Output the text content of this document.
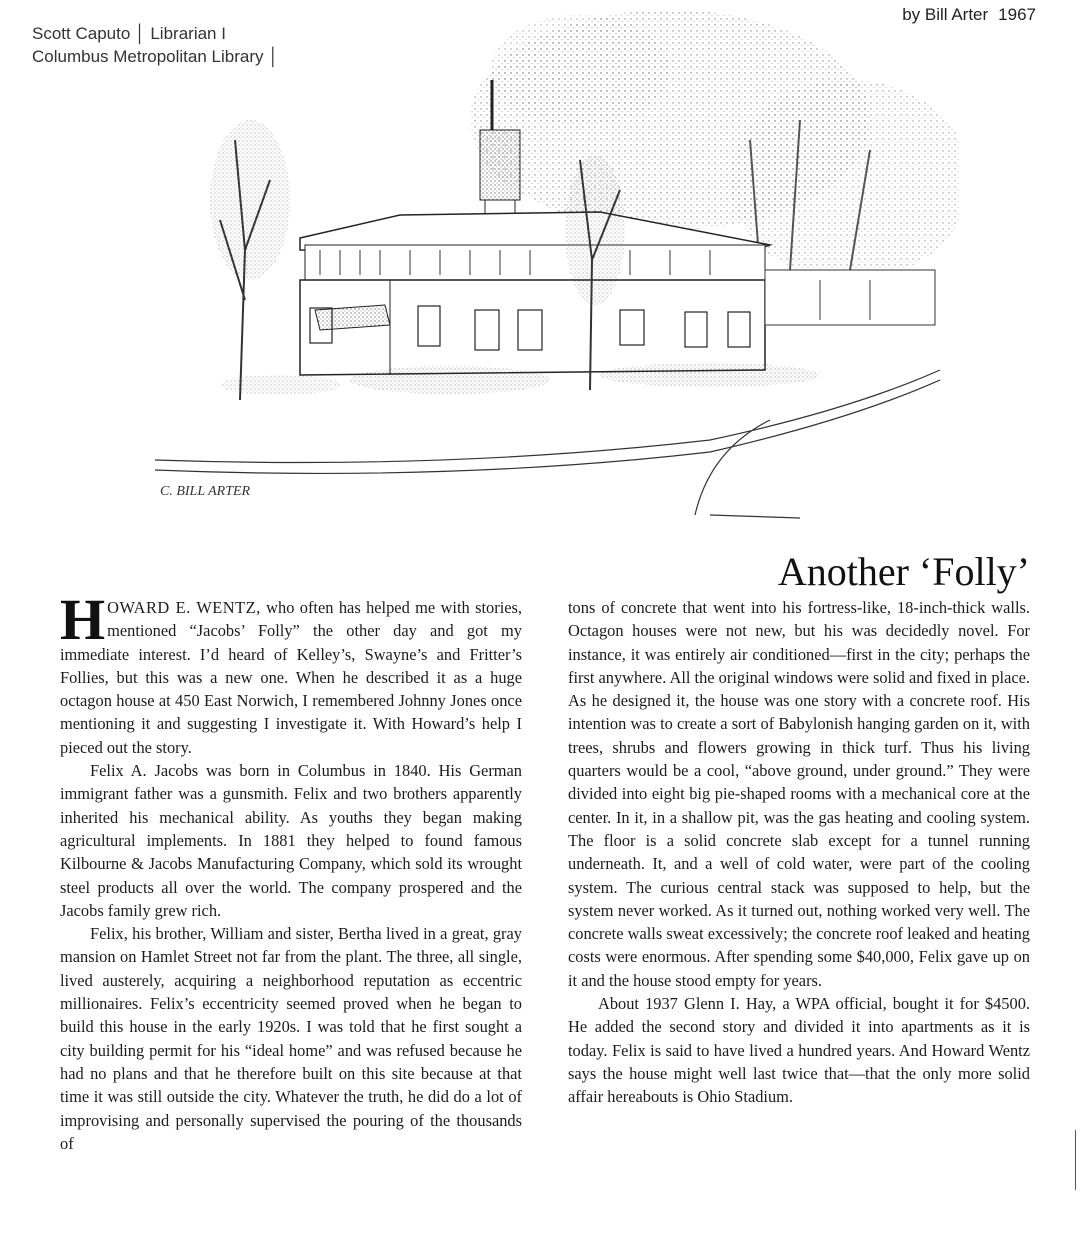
Scott Caputo │ Librarian I
Columbus Metropolitan Library │
by Bill Arter 1967
C. BILL ARTER
Another ‘Folly’

HOWARD E. WENTZ, who often has helped me with stories, mentioned “Jacobs’ Folly” the other day and got my immediate interest. I’d heard of Kelley’s, Swayne’s and Fritter’s Follies, but this was a new one. When he described it as a huge octagon house at 450 East Norwich, I remembered Johnny Jones once mentioning it and suggesting I investigate it. With Howard’s help I pieced out the story.

Felix A. Jacobs was born in Columbus in 1840. His German immigrant father was a gunsmith. Felix and two brothers apparently inherited his mechanical ability. As youths they began making agricultural implements. In 1881 they helped to found famous Kilbourne & Jacobs Manufacturing Company, which sold its wrought steel products all over the world. The company prospered and the Jacobs family grew rich.

Felix, his brother, William and sister, Bertha lived in a great, gray mansion on Hamlet Street not far from the plant. The three, all single, lived austerely, acquiring a neighborhood reputation as eccentric millionaires. Felix’s eccentricity seemed proved when he began to build this house in the early 1920s. I was told that he first sought a city building permit for his “ideal home” and was refused because he had no plans and that he therefore built on this site because at that time it was still outside the city. Whatever the truth, he did do a lot of improvising and personally supervised the pouring of the thousands of

tons of concrete that went into his fortress-like, 18-inch-thick walls. Octagon houses were not new, but his was decidedly novel. For instance, it was entirely air conditioned—first in the city; perhaps the first anywhere. All the original windows were solid and fixed in place. As he designed it, the house was one story with a concrete roof. His intention was to create a sort of Babylonish hanging garden on it, with trees, shrubs and flowers growing in thick turf. Thus his living quarters would be a cool, “above ground, under ground.” They were divided into eight big pie-shaped rooms with a mechanical core at the center. In it, in a shallow pit, was the gas heating and cooling system. The floor is a solid concrete slab except for a tunnel running underneath. It, and a well of cold water, were part of the cooling system. The curious central stack was supposed to help, but the system never worked. As it turned out, nothing worked very well. The concrete walls sweat excessively; the concrete roof leaked and heating costs were enormous. After spending some $40,000, Felix gave up on it and the house stood empty for years.

About 1937 Glenn I. Hay, a WPA official, bought it for $4500. He added the second story and divided it into apartments as it is today. Felix is said to have lived a hundred years. And Howard Wentz says the house might well last twice that—that the only more solid affair hereabouts is Ohio Stadium.
